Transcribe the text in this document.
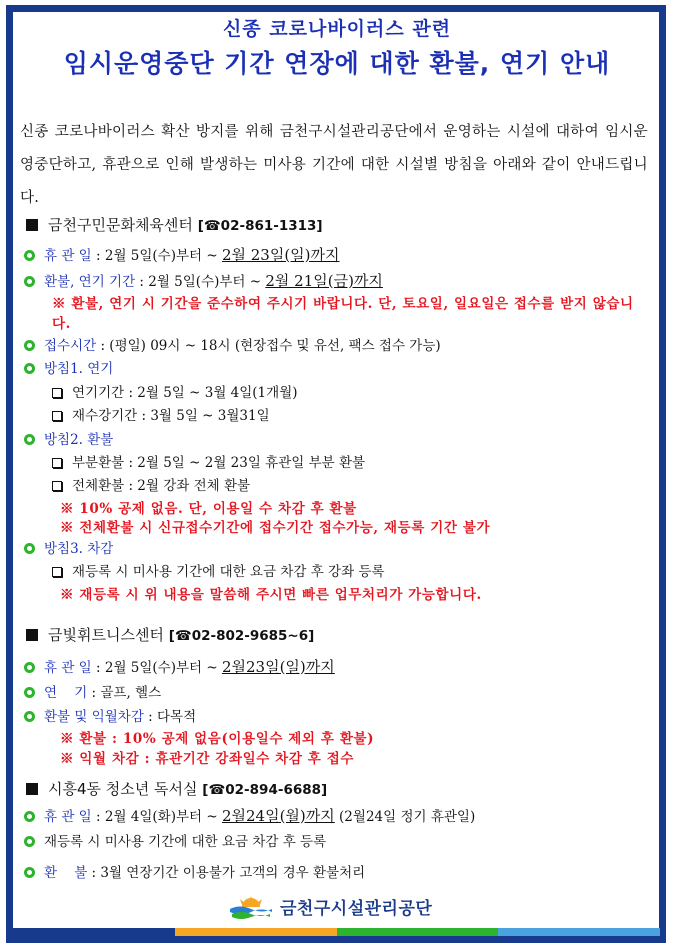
신종 코로나바이러스 관련
임시운영중단 기간 연장에 대한 환불, 연기 안내
신종 코로나바이러스 확산 방지를 위해 금천구시설관리공단에서 운영하는 시설에 대하여 임시운영중단하고, 휴관으로 인해 발생하는 미사용 기간에 대한 시설별 방침을 아래와 같이 안내드립니다.
금천구민문화체육센터 [☎02-861-1313]
휴 관 일 : 2월 5일(수)부터 ~ 2월 23일(일)까지
환불, 연기 기간 : 2월 5일(수)부터 ~ 2월 21일(금)까지
※ 환불, 연기 시 기간을 준수하여 주시기 바랍니다. 단, 토요일, 일요일은 접수를 받지 않습니다.
접수시간 : (평일) 09시 ~ 18시 (현장접수 및 유선, 팩스 접수 가능)
방침1. 연기
연기기간 : 2월 5일 ~ 3월 4일(1개월)
재수강기간 : 3월 5일 ~ 3월31일
방침2. 환불
부분환불 : 2월 5일 ~ 2월 23일 휴관일 부분 환불
전체환불 : 2월 강좌 전체 환불
※ 10% 공제 없음. 단, 이용일 수 차감 후 환불
※ 전체환불 시 신규접수기간에 접수기간 접수가능, 재등록 기간 불가
방침3. 차감
재등록 시 미사용 기간에 대한 요금 차감 후 강좌 등록
※ 재등록 시 위 내용을 말씀해 주시면 빠른 업무처리가 가능합니다.
금빛휘트니스센터 [☎02-802-9685~6]
휴 관 일 : 2월 5일(수)부터 ~ 2월23일(일)까지
연    기 : 골프, 헬스
환불 및 익월차감 : 다목적
※ 환불 : 10% 공제 없음(이용일수 제외 후 환불)
※ 익월 차감 : 휴관기간 강좌일수 차감 후 접수
시흥4동 청소년 독서실 [☎02-894-6688]
휴 관 일 : 2월 4일(화)부터 ~ 2월24일(월)까지 (2월24일 정기 휴관일)
재등록 시 미사용 기간에 대한 요금 차감 후 등록
환    불 : 3월 연장기간 이용불가 고객의 경우 환불처리
금천구시설관리공단
